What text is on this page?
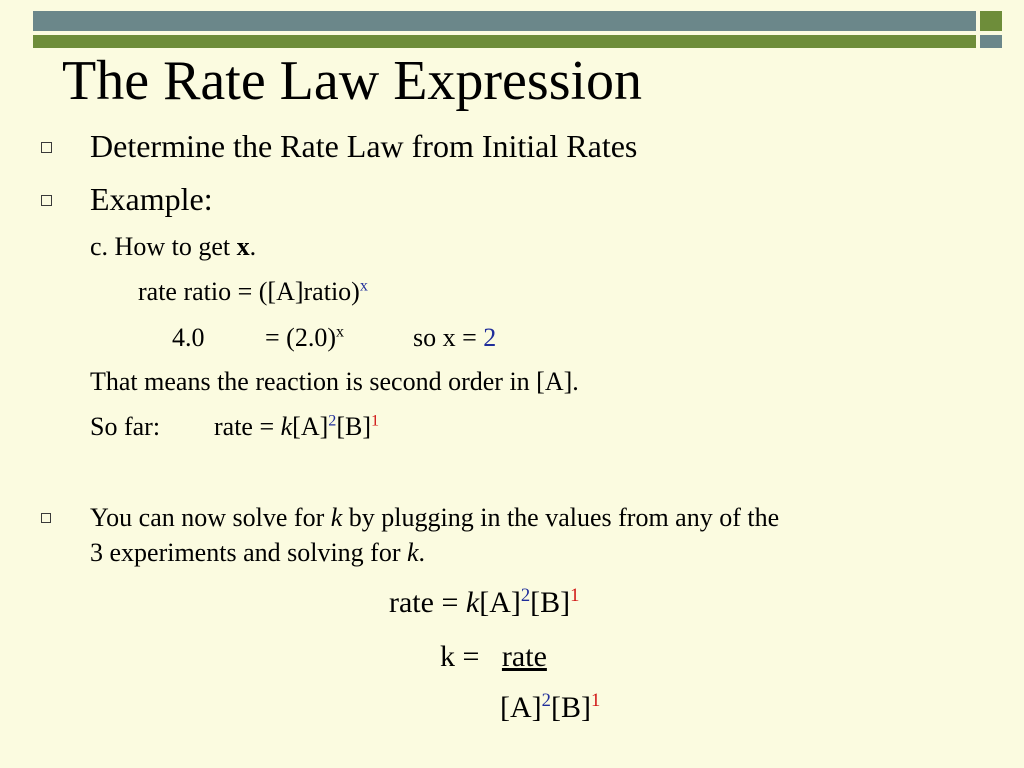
The Rate Law Expression
Determine the Rate Law from Initial Rates
Example:
c. How to get x.
rate ratio = ([A]ratio)$^x$
$4.0 = (2.0)^x$	so x = 2
That means the reaction is second order in [A].
So far: rate = $k[A]^2[B]^1$
You can now solve for k by plugging in the values from any of the
3 experiments and solving for k.
rate = $k[A]^2[B]^1$
k =   rate
$[A]^2[B]^1$
